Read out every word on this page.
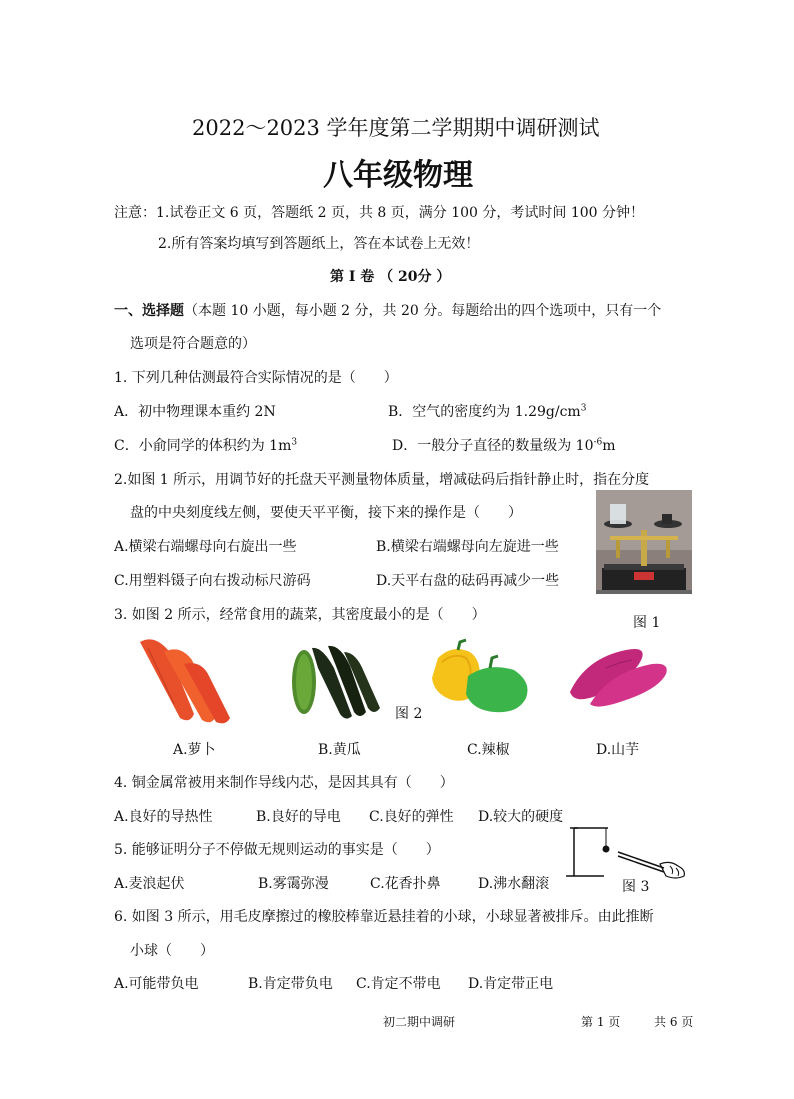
2022～2023 学年度第二学期期中调研测试
八年级物理
注意：1.试卷正文 6 页，答题纸 2 页，共 8 页，满分 100 分，考试时间 100 分钟！
2.所有答案均填写到答题纸上，答在本试卷上无效！
第 Ⅰ 卷 （ 20分 ）
一、选择题（本题 10 小题，每小题 2 分，共 20 分。每题给出的四个选项中，只有一个
选项是符合题意的）
1. 下列几种估测最符合实际情况的是（　　）
A．初中物理课本重约 2N	B．空气的密度约为 $1.29g/cm^3$
C．小俞同学的体积约为 $1m^3$	D．一般分子直径的数量级为 $10^{-6}m$
2.如图 1 所示，用调节好的托盘天平测量物体质量，增减砝码后指针静止时，指在分度
盘的中央刻度线左侧，要使天平平衡，接下来的操作是（　　）
A.横梁右端螺母向右旋出一些	B.横梁右端螺母向左旋进一些
C.用塑料镊子向右拨动标尺游码	D.天平右盘的砝码再减少一些
图 1
3. 如图 2 所示，经常食用的蔬菜，其密度最小的是（　　）
图 2
A.萝卜	B.黄瓜	C.辣椒	D.山芋
4. 铜金属常被用来制作导线内芯，是因其具有（　　）
A.良好的导热性	B.良好的导电 C.良好的弹性 D.较大的硬度
5. 能够证明分子不停做无规则运动的事实是（　　）
A.麦浪起伏	B.雾霭弥漫	C.花香扑鼻	D.沸水翻滚	图 3
6. 如图 3 所示，用毛皮摩擦过的橡胶棒靠近悬挂着的小球，小球显著被排斥。由此推断
小球（　　）
A.可能带负电	B.肯定带负电 C.肯定不带电 D.肯定带正电
初二期中调研	第 1 页	共 6 页
